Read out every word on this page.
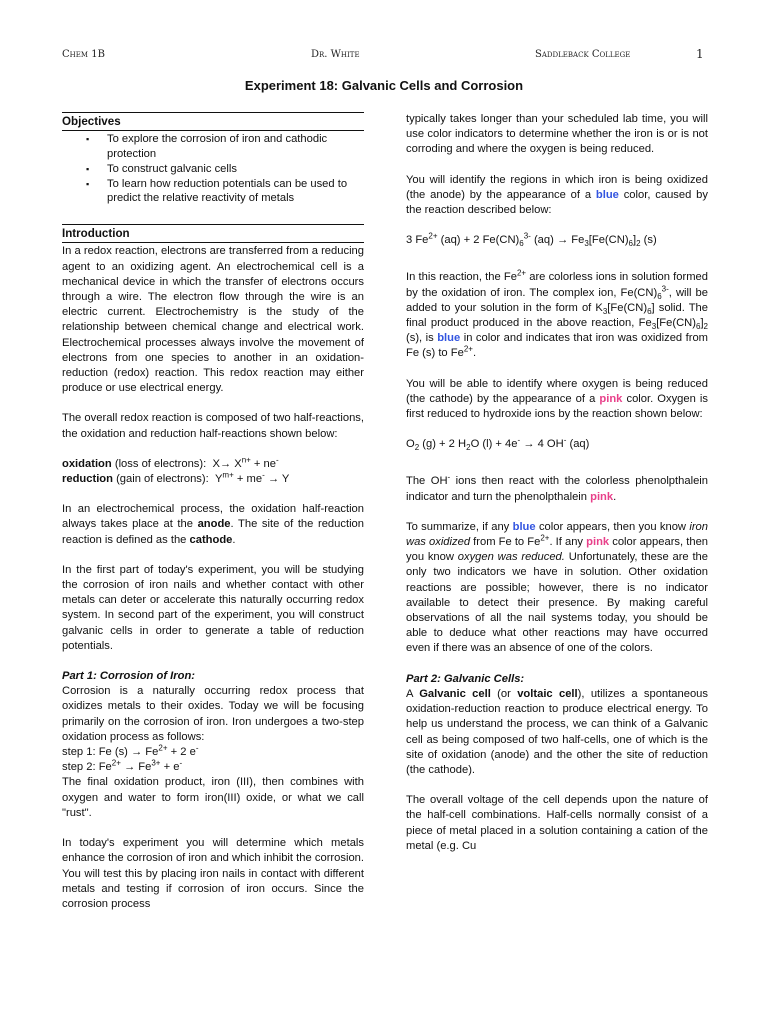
Chem 1B	Dr. White	Saddleback College	1
Experiment 18: Galvanic Cells and Corrosion
Objectives
▪ To explore the corrosion of iron and cathodic protection
▪ To construct galvanic cells
▪ To learn how reduction potentials can be used to predict the relative reactivity of metals
Introduction

In a redox reaction, electrons are transferred from a reducing agent to an oxidizing agent. An electrochemical cell is a mechanical device in which the transfer of electrons occurs through a wire. The electron flow through the wire is an electric current. Electrochemistry is the study of the relationship between chemical change and electrical work. Electrochemical processes always involve the movement of electrons from one species to another in an oxidation-reduction (redox) reaction. This redox reaction may either produce or use electrical energy.

The overall redox reaction is composed of two half-reactions, the oxidation and reduction half-reactions shown below:

oxidation (loss of electrons):  $X\to X^{n+} + ne^-$

reduction (gain of electrons):  $Y^{m+} + me^- \to Y$

In an electrochemical process, the oxidation half-reaction always takes place at the anode. The site of the reduction reaction is defined as the cathode.

In the first part of today's experiment, you will be studying the corrosion of iron nails and whether contact with other metals can deter or accelerate this naturally occurring redox system. In second part of the experiment, you will construct galvanic cells in order to generate a table of reduction potentials.

Part 1: Corrosion of Iron:

Corrosion is a naturally occurring redox process that oxidizes metals to their oxides. Today we will be focusing primarily on the corrosion of iron. Iron undergoes a two-step oxidation process as follows:

step 1: Fe $(s) \to Fe^{2+} + 2$ e-
step 2: $Fe^{2+} \to Fe^{3+} + e^-$

The final oxidation product, iron (III), then combines with oxygen and water to form iron(III) oxide, or what we call "rust".

In today's experiment you will determine which metals enhance the corrosion of iron and which inhibit the corrosion. You will test this by placing iron nails in contact with different metals and testing if corrosion of iron occurs. Since the corrosion process

typically takes longer than your scheduled lab time, you will use color indicators to determine whether the iron is or is not corroding and where the oxygen is being reduced.

You will identify the regions in which iron is being oxidized (the anode) by the appearance of a blue color, caused by the reaction described below:

3 $Fe^{2+}$ (aq) + 2 $Fe(CN)_6^{3-}$ $(aq) \to Fe_3[Fe(CN)_6]_2$ (s)

In this reaction, the $Fe^{2+}$ are colorless ions in solution formed by the oxidation of iron. The complex ion, $Fe(CN)_6^{3-}$, will be added to your solution in the form of $K_3[Fe(CN)_6]$ solid. The final product produced in the above reaction, $Fe_3[Fe(CN)_6]_2$ (s), is blue in color and indicates that iron was oxidized from Fe (s) to $Fe^{2+}$.

You will be able to identify where oxygen is being reduced (the cathode) by the appearance of a pink color. Oxygen is first reduced to hydroxide ions by the reaction shown below:

$O_2$ (g) + 2 $H_2O$ (l) + 4e- → 4 OH- (aq)

The OH- ions then react with the colorless phenolpthalein indicator and turn the phenolpthalein pink.

To summarize, if any blue color appears, then you know iron was oxidized from Fe to $Fe^{2+}$. If any pink color appears, then you know oxygen was reduced. Unfortunately, these are the only two indicators we have in solution. Other oxidation reactions are possible; however, there is no indicator available to detect their presence. By making careful observations of all the nail systems today, you should be able to deduce what other reactions may have occurred even if there was an absence of one of the colors.

Part 2: Galvanic Cells:

A Galvanic cell (or voltaic cell), utilizes a spontaneous oxidation-reduction reaction to produce electrical energy. To help us understand the process, we can think of a Galvanic cell as being composed of two half-cells, one of which is the site of oxidation (anode) and the other the site of reduction (the cathode).

The overall voltage of the cell depends upon the nature of the half-cell combinations. Half-cells normally consist of a piece of metal placed in a solution containing a cation of the metal (e.g. Cu
